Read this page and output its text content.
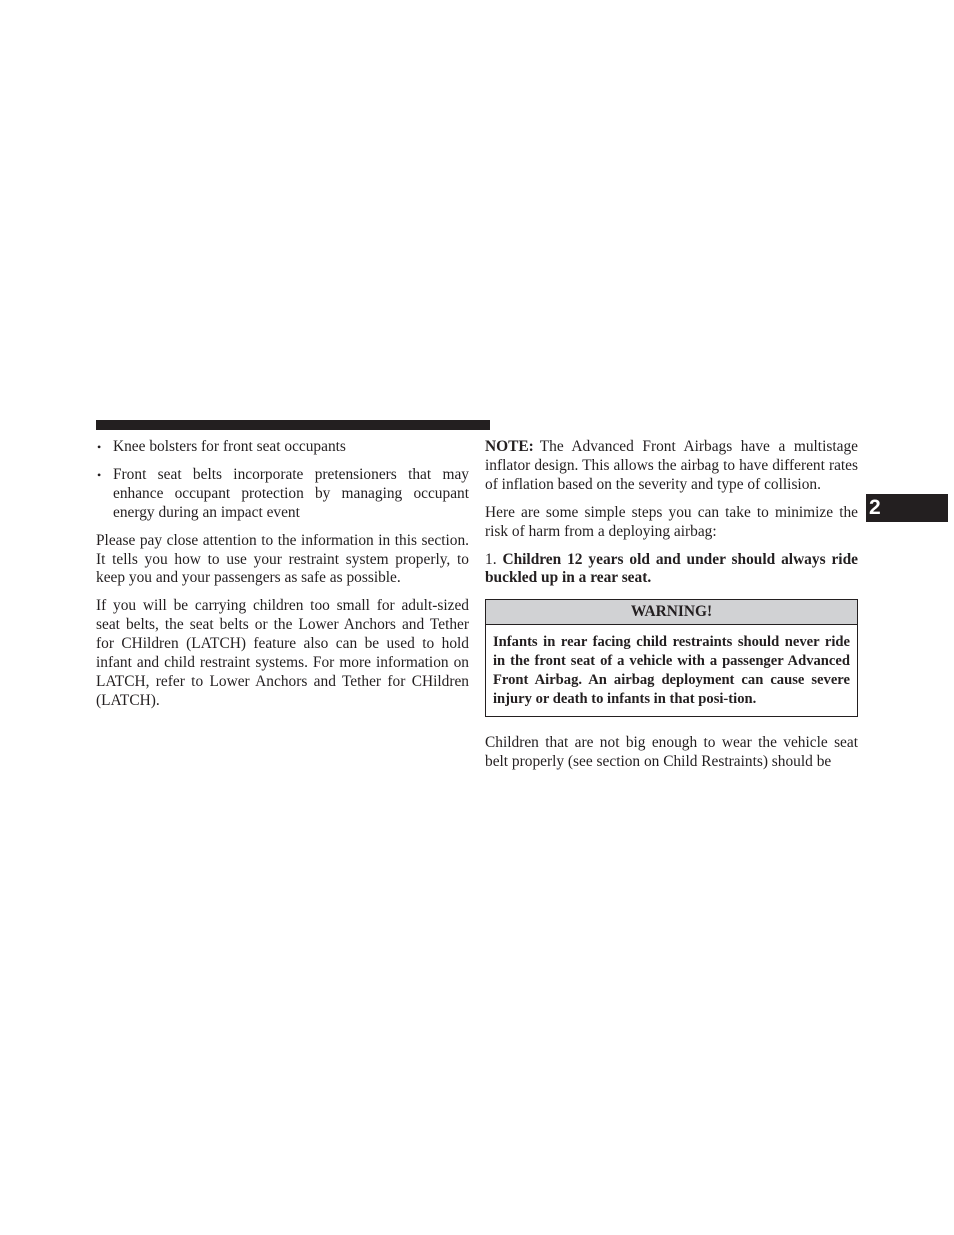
2
• Knee bolsters for front seat occupants
• Front seat belts incorporate pretensioners that may enhance occupant protection by managing occupant energy during an impact event

Please pay close attention to the information in this section. It tells you how to use your restraint system properly, to keep you and your passengers as safe as possible.

If you will be carrying children too small for adult-sized seat belts, the seat belts or the Lower Anchors and Tether for CHildren (LATCH) feature also can be used to hold infant and child restraint systems. For more information on LATCH, refer to Lower Anchors and Tether for CHildren (LATCH).

NOTE: The Advanced Front Airbags have a multistage inflator design. This allows the airbag to have different rates of inflation based on the severity and type of collision.

Here are some simple steps you can take to minimize the risk of harm from a deploying airbag:

1. Children 12 years old and under should always ride buckled up in a rear seat.

WARNING!
Infants in rear facing child restraints should never ride in the front seat of a vehicle with a passenger Advanced Front Airbag. An airbag deployment can cause severe injury or death to infants in that posi-tion.

Children that are not big enough to wear the vehicle seat belt properly (see section on Child Restraints) should be
